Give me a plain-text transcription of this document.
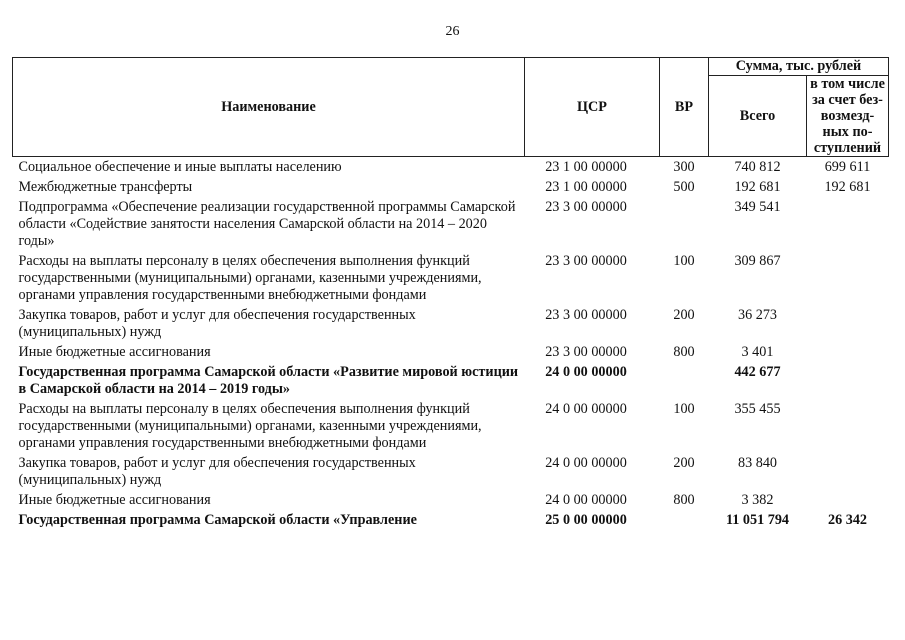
26
Наименование	ЦСР	ВР	Сумма, тыс. рублей	
			Всего	в том числе за счет без-возмезд-ных по-ступлений
Социальное обеспечение и иные выплаты населению	23 1 00 00000	300	740 812	699 611
Межбюджетные трансферты	23 1 00 00000	500	192 681	192 681
Подпрограмма «Обеспечение реализации государственной программы Самарской области «Содействие занятости населения Самарской области на 2014 – 2020 годы»	23 3 00 00000		349 541	
Расходы на выплаты персоналу в целях обеспечения выполнения функций государственными (муниципальными) органами, казенными учреждениями, органами управления государственными внебюджетными фондами	23 3 00 00000	100	309 867	
Закупка товаров, работ и услуг для обеспечения государственных (муниципальных) нужд	23 3 00 00000	200	36 273	
Иные бюджетные ассигнования	23 3 00 00000	800	3 401	
Государственная программа Самарской области «Развитие мировой юстиции в Самарской области на 2014 – 2019 годы»	24 0 00 00000		442 677	
Расходы на выплаты персоналу в целях обеспечения выполнения функций государственными (муниципальными) органами, казенными учреждениями, органами управления государственными внебюджетными фондами	24 0 00 00000	100	355 455	
Закупка товаров, работ и услуг для обеспечения государственных (муниципальных) нужд	24 0 00 00000	200	83 840	
Иные бюджетные ассигнования	24 0 00 00000	800	3 382	
Государственная программа Самарской области «Управление	25 0 00 00000		11 051 794	26 342
